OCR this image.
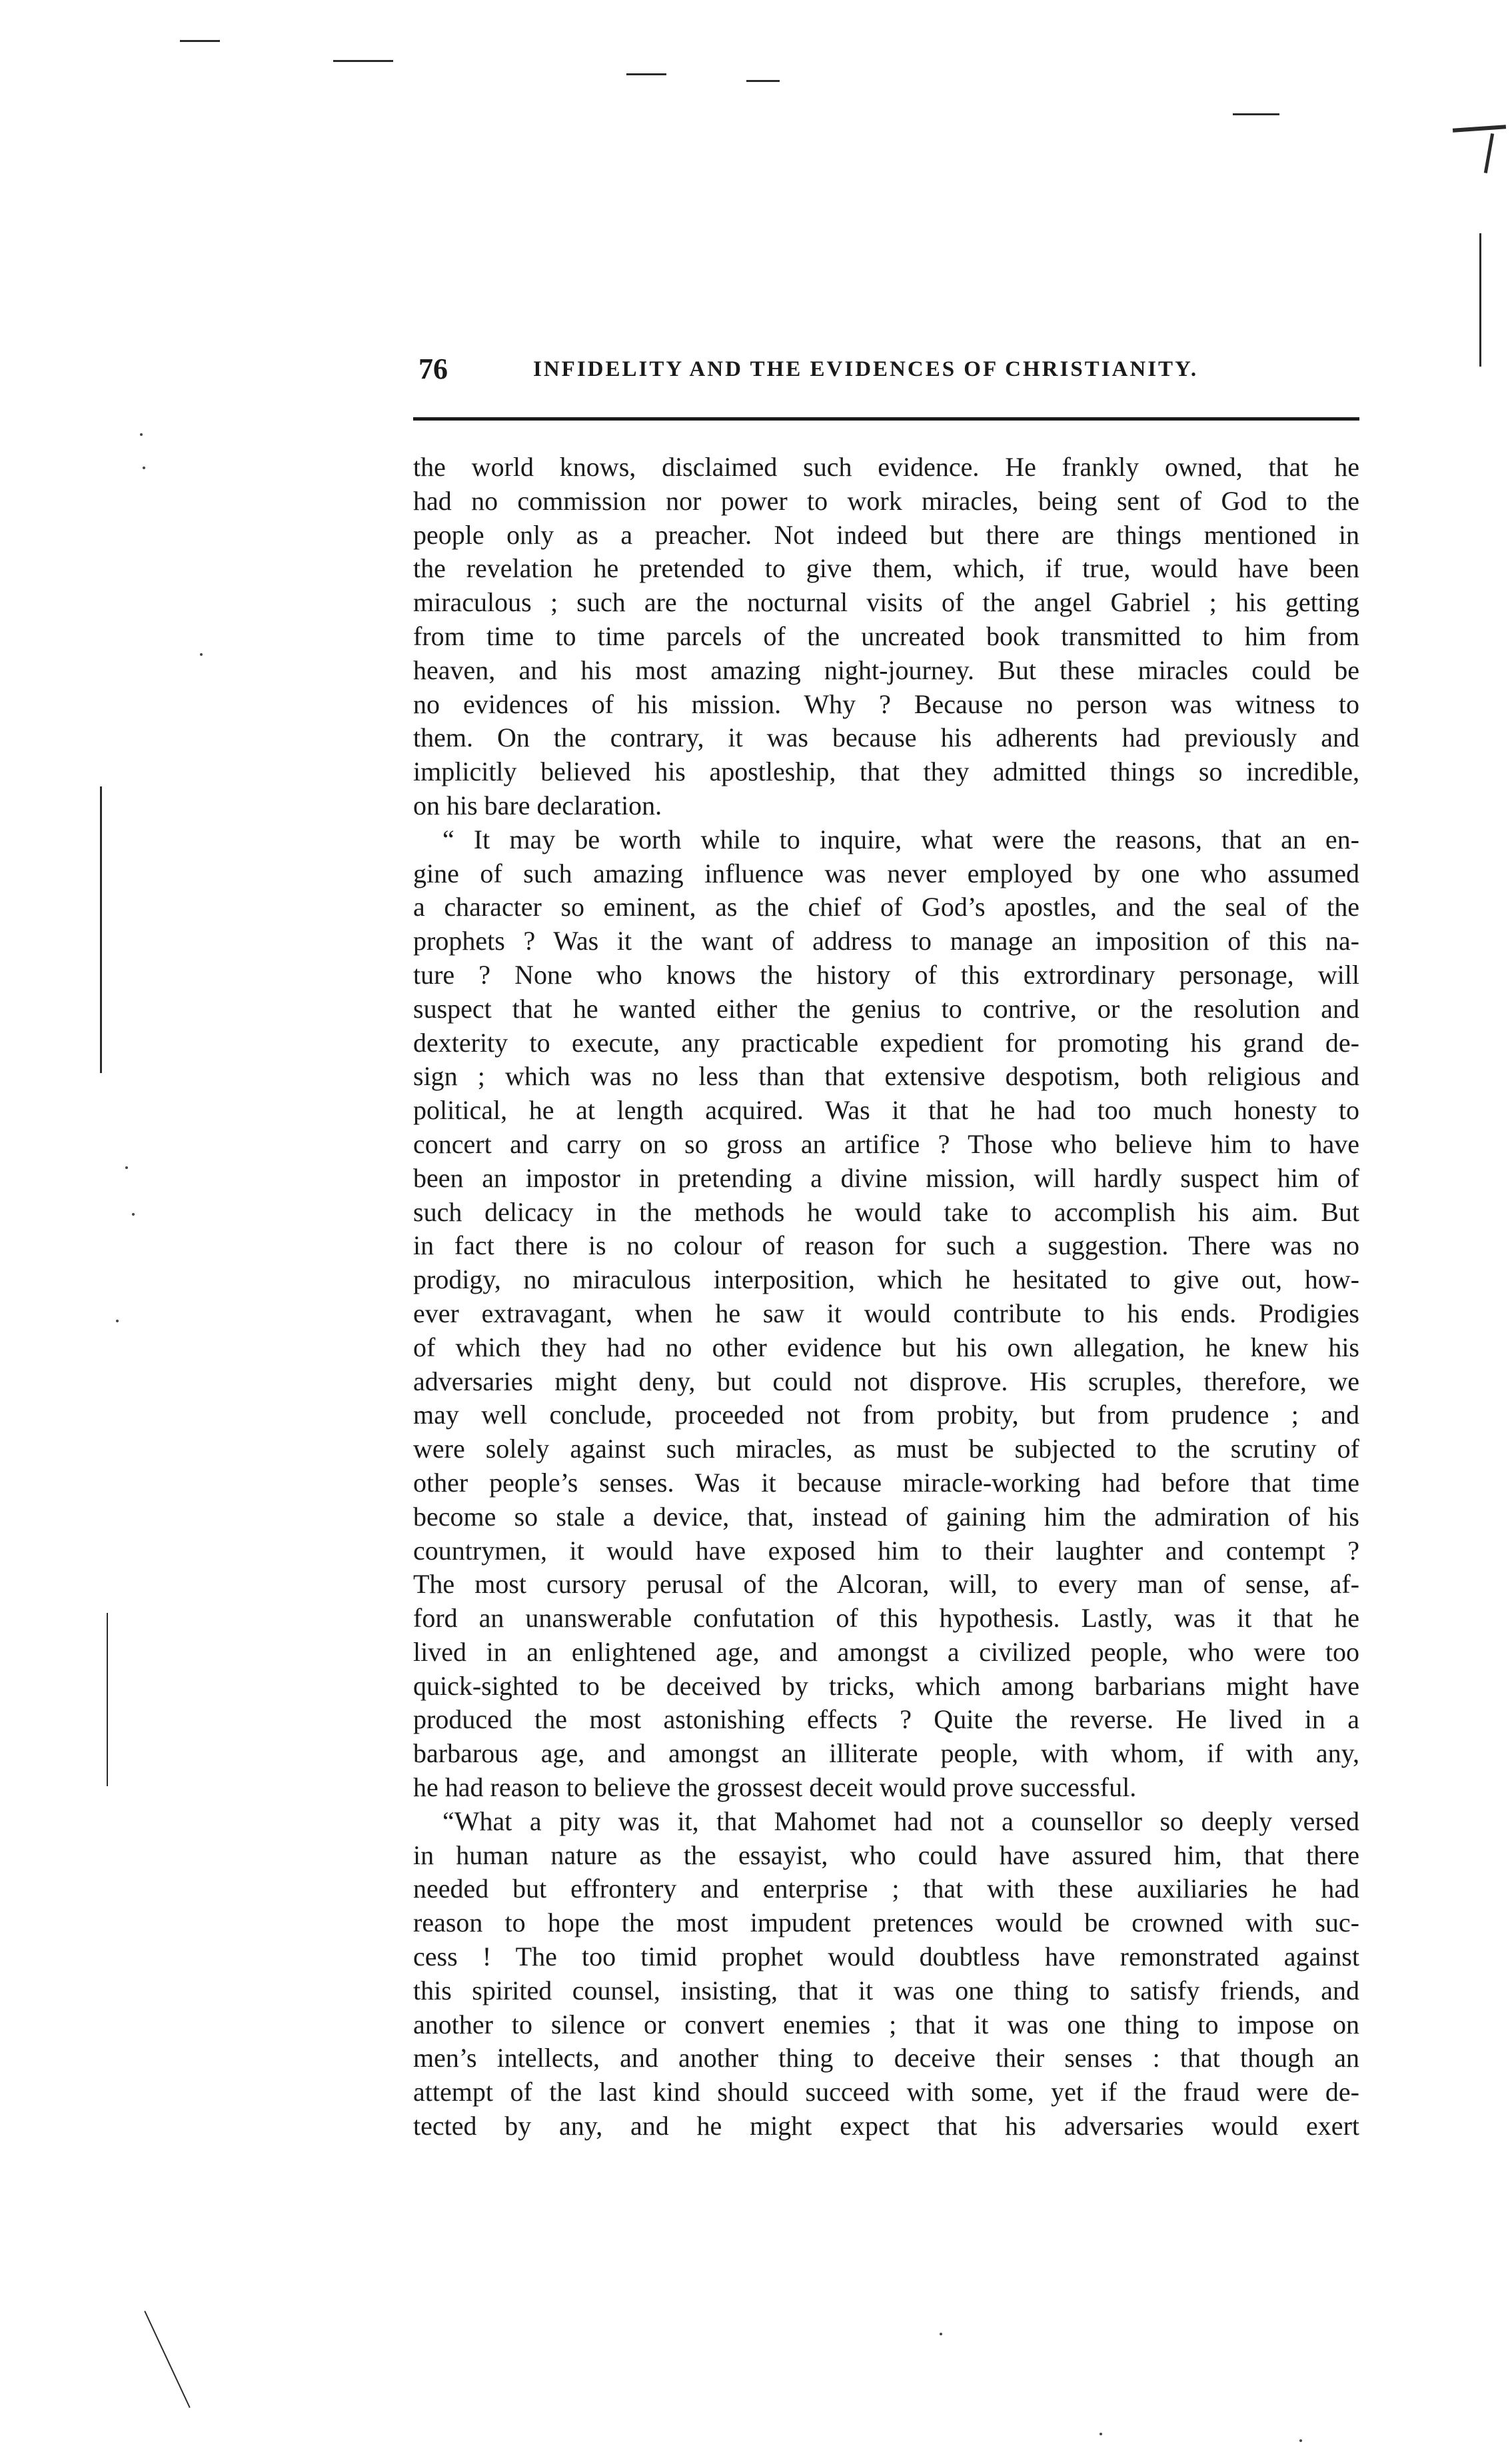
76	INFIDELITY AND THE EVIDENCES OF CHRISTIANITY.
the world knows, disclaimed such evidence. He frankly owned, that he
had no commission nor power to work miracles, being sent of God to the
people only as a preacher. Not indeed but there are things mentioned in
the revelation he pretended to give them, which, if true, would have been
miraculous ; such are the nocturnal visits of the angel Gabriel ; his getting
from time to time parcels of the uncreated book transmitted to him from
heaven, and his most amazing night-journey. But these miracles could be
no evidences of his mission. Why ? Because no person was witness to
them. On the contrary, it was because his adherents had previously and
implicitly believed his apostleship, that they admitted things so incredible,
on his bare declaration.
“ It may be worth while to inquire, what were the reasons, that an en-
gine of such amazing influence was never employed by one who assumed
a character so eminent, as the chief of God’s apostles, and the seal of the
prophets ? Was it the want of address to manage an imposition of this na-
ture ? None who knows the history of this extrordinary personage, will
suspect that he wanted either the genius to contrive, or the resolution and
dexterity to execute, any practicable expedient for promoting his grand de-
sign ; which was no less than that extensive despotism, both religious and
political, he at length acquired. Was it that he had too much honesty to
concert and carry on so gross an artifice ? Those who believe him to have
been an impostor in pretending a divine mission, will hardly suspect him of
such delicacy in the methods he would take to accomplish his aim. But
in fact there is no colour of reason for such a suggestion. There was no
prodigy, no miraculous interposition, which he hesitated to give out, how-
ever extravagant, when he saw it would contribute to his ends. Prodigies
of which they had no other evidence but his own allegation, he knew his
adversaries might deny, but could not disprove. His scruples, therefore, we
may well conclude, proceeded not from probity, but from prudence ; and
were solely against such miracles, as must be subjected to the scrutiny of
other people’s senses. Was it because miracle-working had before that time
become so stale a device, that, instead of gaining him the admiration of his
countrymen, it would have exposed him to their laughter and contempt ?
The most cursory perusal of the Alcoran, will, to every man of sense, af-
ford an unanswerable confutation of this hypothesis. Lastly, was it that he
lived in an enlightened age, and amongst a civilized people, who were too
quick-sighted to be deceived by tricks, which among barbarians might have
produced the most astonishing effects ? Quite the reverse. He lived in a
barbarous age, and amongst an illiterate people, with whom, if with any,
he had reason to believe the grossest deceit would prove successful.
“What a pity was it, that Mahomet had not a counsellor so deeply versed
in human nature as the essayist, who could have assured him, that there
needed but effrontery and enterprise ; that with these auxiliaries he had
reason to hope the most impudent pretences would be crowned with suc-
cess ! The too timid prophet would doubtless have remonstrated against
this spirited counsel, insisting, that it was one thing to satisfy friends, and
another to silence or convert enemies ; that it was one thing to impose on
men’s intellects, and another thing to deceive their senses : that though an
attempt of the last kind should succeed with some, yet if the fraud were de-
tected by any, and he might expect that his adversaries would exert
